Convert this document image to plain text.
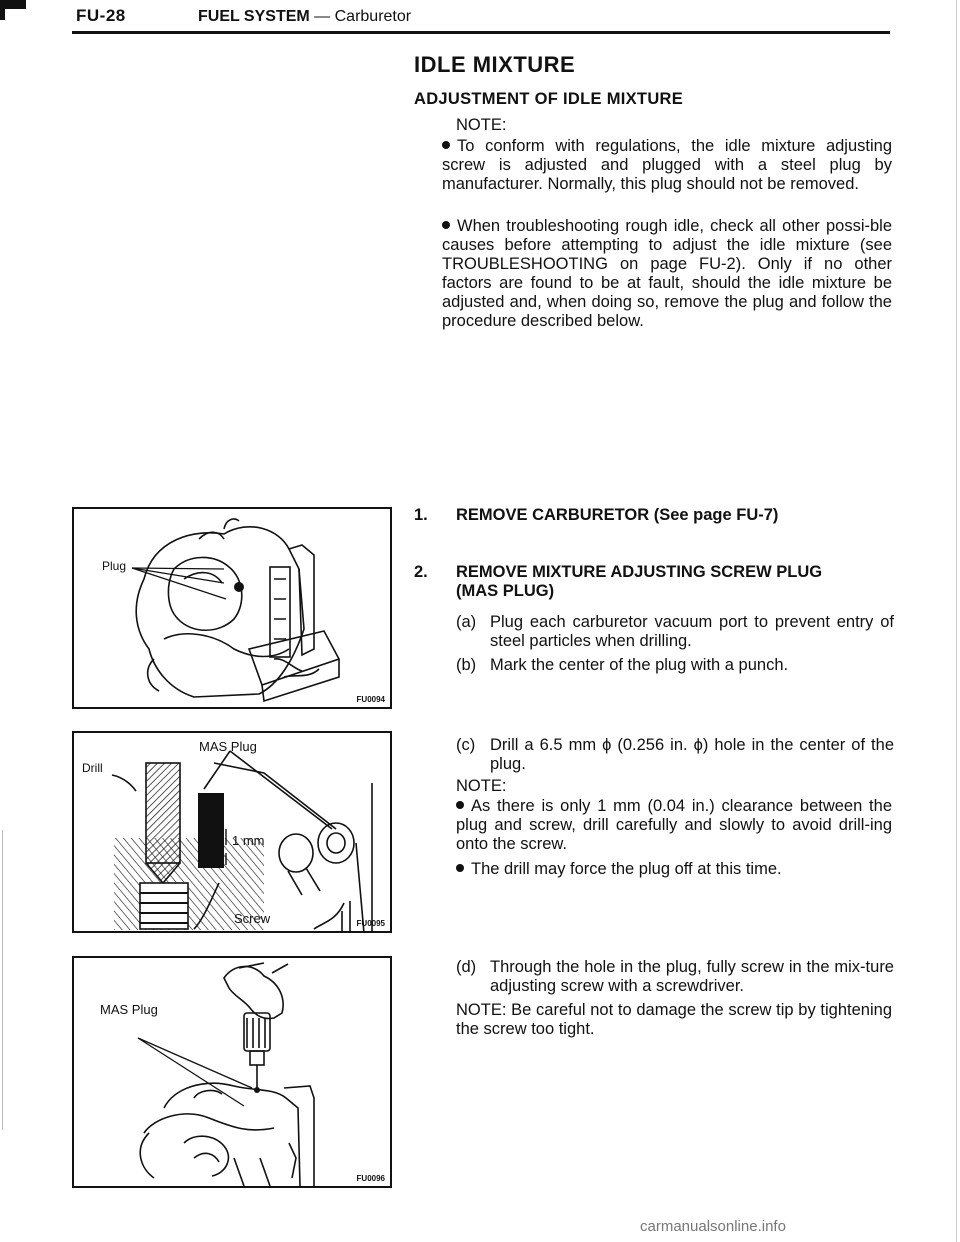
FU-28	FUEL SYSTEM — Carburetor
IDLE MIXTURE
ADJUSTMENT OF IDLE MIXTURE
NOTE:
To conform with regulations, the idle mixture adjusting screw is adjusted and plugged with a steel plug by manufacturer. Normally, this plug should not be removed.
When troubleshooting rough idle, check all other possi-ble causes before attempting to adjust the idle mixture (see TROUBLESHOOTING on page FU-2). Only if no other factors are found to be at fault, should the idle mixture be adjusted and, when doing so, remove the plug and follow the procedure described below.
1. REMOVE CARBURETOR (See page FU-7)
2. REMOVE MIXTURE ADJUSTING SCREW PLUG
(MAS PLUG)
(a) Plug each carburetor vacuum port to prevent entry of steel particles when drilling.
(b) Mark the center of the plug with a punch.
(c) Drill a 6.5 mm ϕ (0.256 in. ϕ) hole in the center of the plug.
NOTE:
As there is only 1 mm (0.04 in.) clearance between the plug and screw, drill carefully and slowly to avoid drill-ing onto the screw.
The drill may force the plug off at this time.
(d) Through the hole in the plug, fully screw in the mix-ture adjusting screw with a screwdriver.
NOTE: Be careful not to damage the screw tip by tightening the screw too tight.
Plug
FU0094
MAS Plug
Drill
1 mm
Screw	FU0095
MAS Plug
FU0096
carmanualsonline.info
